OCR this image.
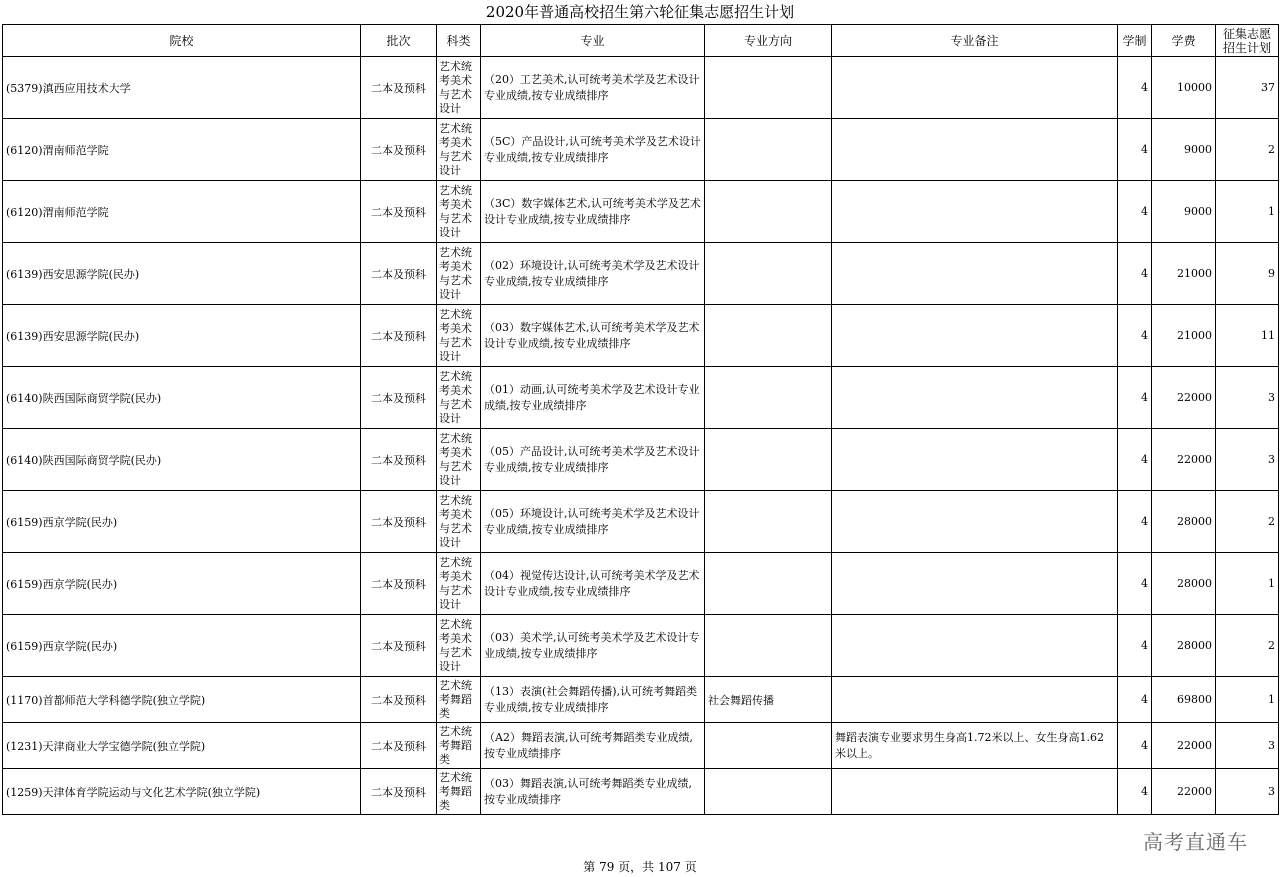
2020年普通高校招生第六轮征集志愿招生计划
院校	批次	科类	专业	专业方向	专业备注	学制	学费	征集志愿招生计划
(5379)滇西应用技术大学	二本及预科	艺术统考美术与艺术设计	（20）工艺美术,认可统考美术学及艺术设计专业成绩,按专业成绩排序			4	10000	37
(6120)渭南师范学院	二本及预科	艺术统考美术与艺术设计	（5C）产品设计,认可统考美术学及艺术设计专业成绩,按专业成绩排序			4	9000	2
(6120)渭南师范学院	二本及预科	艺术统考美术与艺术设计	（3C）数字媒体艺术,认可统考美术学及艺术设计专业成绩,按专业成绩排序			4	9000	1
(6139)西安思源学院(民办)	二本及预科	艺术统考美术与艺术设计	（02）环境设计,认可统考美术学及艺术设计专业成绩,按专业成绩排序			4	21000	9
(6139)西安思源学院(民办)	二本及预科	艺术统考美术与艺术设计	（03）数字媒体艺术,认可统考美术学及艺术设计专业成绩,按专业成绩排序			4	21000	11
(6140)陕西国际商贸学院(民办)	二本及预科	艺术统考美术与艺术设计	（01）动画,认可统考美术学及艺术设计专业成绩,按专业成绩排序			4	22000	3
(6140)陕西国际商贸学院(民办)	二本及预科	艺术统考美术与艺术设计	（05）产品设计,认可统考美术学及艺术设计专业成绩,按专业成绩排序			4	22000	3
(6159)西京学院(民办)	二本及预科	艺术统考美术与艺术设计	（05）环境设计,认可统考美术学及艺术设计专业成绩,按专业成绩排序			4	28000	2
(6159)西京学院(民办)	二本及预科	艺术统考美术与艺术设计	（04）视觉传达设计,认可统考美术学及艺术设计专业成绩,按专业成绩排序			4	28000	1
(6159)西京学院(民办)	二本及预科	艺术统考美术与艺术设计	（03）美术学,认可统考美术学及艺术设计专业成绩,按专业成绩排序			4	28000	2
(1170)首都师范大学科德学院(独立学院)	二本及预科	艺术统考舞蹈类	（13）表演(社会舞蹈传播),认可统考舞蹈类专业成绩,按专业成绩排序	社会舞蹈传播		4	69800	1
(1231)天津商业大学宝德学院(独立学院)	二本及预科	艺术统考舞蹈类	（A2）舞蹈表演,认可统考舞蹈类专业成绩,按专业成绩排序		舞蹈表演专业要求男生身高1.72米以上、女生身高1.62米以上。	4	22000	3
(1259)天津体育学院运动与文化艺术学院(独立学院)	二本及预科	艺术统考舞蹈类	（03）舞蹈表演,认可统考舞蹈类专业成绩,按专业成绩排序			4	22000	3
高考直通车
第 79 页，共 107 页
